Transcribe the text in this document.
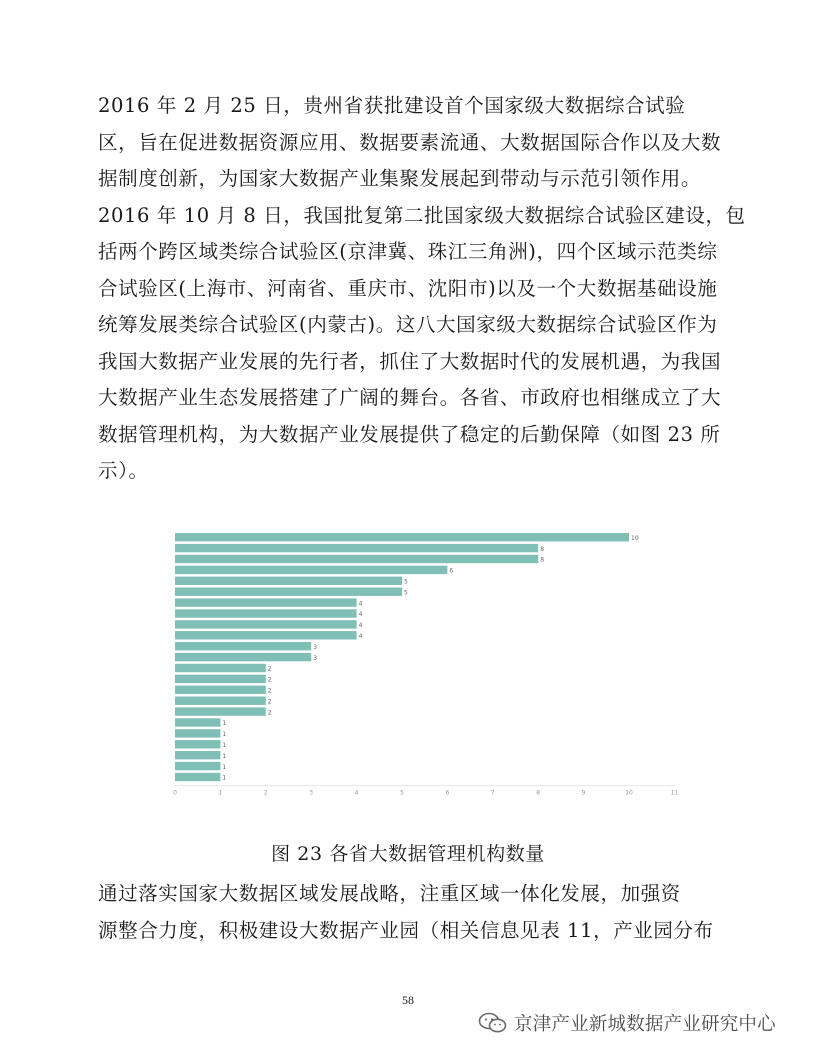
2016 年 2 月 25 日，贵州省获批建设首个国家级大数据综合试验
区，旨在促进数据资源应用、数据要素流通、大数据国际合作以及大数
据制度创新，为国家大数据产业集聚发展起到带动与示范引领作用。
2016 年 10 月 8 日，我国批复第二批国家级大数据综合试验区建设，包
括两个跨区域类综合试验区(京津冀、珠江三角洲)，四个区域示范类综
合试验区(上海市、河南省、重庆市、沈阳市)以及一个大数据基础设施
统筹发展类综合试验区(内蒙古)。这八大国家级大数据综合试验区作为
我国大数据产业发展的先行者，抓住了大数据时代的发展机遇，为我国
大数据产业生态发展搭建了广阔的舞台。各省、市政府也相继成立了大
数据管理机构，为大数据产业发展提供了稳定的后勤保障（如图 23 所
示）。

10
8
8
6
5
5
4
4
4
4
3
3
2
2
2
2
2
1
1
1
1
1
1
0	1	2	3	4	5	6	7	8	9	10	11
图 23 各省大数据管理机构数量

通过落实国家大数据区域发展战略，注重区域一体化发展，加强资
源整合力度，积极建设大数据产业园（相关信息见表 11，产业园分布

58
京津产业新城数据产业研究中心
